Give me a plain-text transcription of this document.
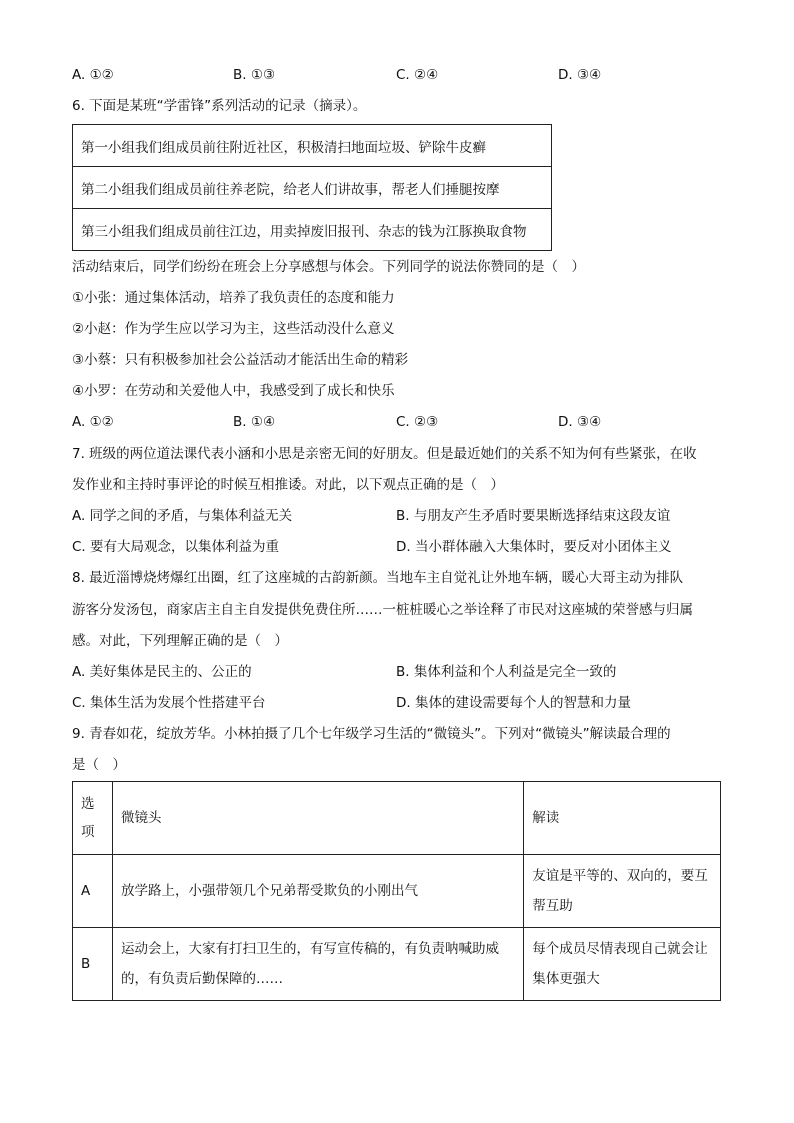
A. ①②	B. ①③	C. ②④	D. ③④
6. 下面是某班“学雷锋”系列活动的记录（摘录）。
第一小组我们组成员前往附近社区，积极清扫地面垃圾、铲除牛皮癣
第二小组我们组成员前往养老院，给老人们讲故事，帮老人们捶腿按摩
第三小组我们组成员前往江边，用卖掉废旧报刊、杂志的钱为江豚换取食物
活动结束后，同学们纷纷在班会上分享感想与体会。下列同学的说法你赞同的是（　）
①小张：通过集体活动，培养了我负责任的态度和能力
②小赵：作为学生应以学习为主，这些活动没什么意义
③小蔡：只有积极参加社会公益活动才能活出生命的精彩
④小罗：在劳动和关爱他人中，我感受到了成长和快乐
A. ①②	B. ①④	C. ②③	D. ③④
7. 班级的两位道法课代表小涵和小思是亲密无间的好朋友。但是最近她们的关系不知为何有些紧张，在收
发作业和主持时事评论的时候互相推诿。对此，以下观点正确的是（　）
A. 同学之间的矛盾，与集体利益无关	B. 与朋友产生矛盾时要果断选择结束这段友谊
C. 要有大局观念，以集体利益为重	D. 当小群体融入大集体时，要反对小团体主义
8. 最近淄博烧烤爆红出圈，红了这座城的古韵新颜。当地车主自觉礼让外地车辆，暖心大哥主动为排队
游客分发汤包，商家店主自主自发提供免费住所……一桩桩暖心之举诠释了市民对这座城的荣誉感与归属
感。对此，下列理解正确的是（　）
A. 美好集体是民主的、公正的	B. 集体利益和个人利益是完全一致的
C. 集体生活为发展个性搭建平台	D. 集体的建设需要每个人的智慧和力量
9. 青春如花，绽放芳华。小林拍摄了几个七年级学习生活的“微镜头”。下列对“微镜头”解读最合理的
是（　）
选项	微镜头	解读
A	放学路上，小强带领几个兄弟帮受欺负的小刚出气	友谊是平等的、双向的，要互帮互助
B	运动会上，大家有打扫卫生的，有写宣传稿的，有负责呐喊助威的，有负责后勤保障的……	每个成员尽情表现自己就会让集体更强大
